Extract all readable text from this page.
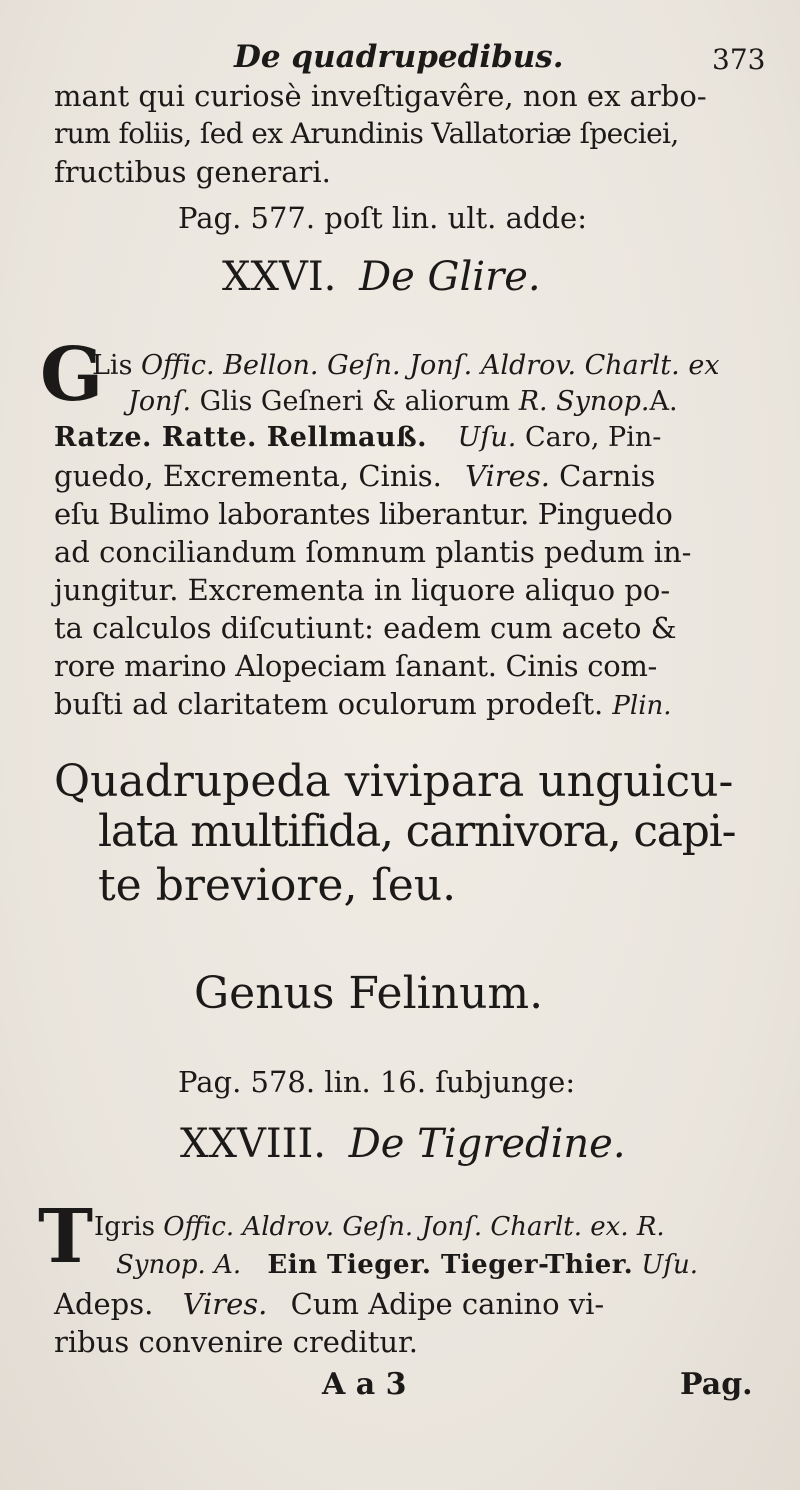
De quadrupedibus.	373
mant qui curiosè inveſtigavêre, non ex arbo-
rum foliis, ſed ex Arundinis Vallatoriæ ſpeciei,
fructibus generari.
Pag. 577. poſt lin. ult. adde:
XXVI. De Glire.
G
Lis Offic. Bellon. Geſn. Jonſ. Aldrov. Charlt. ex
Jonſ. Glis Geſneri & aliorum R. Synop.A.
Ratze. Ratte. Rellmauß. Uſu. Caro, Pin-
guedo, Excrementa, Cinis. Vires. Carnis
eſu Bulimo laborantes liberantur. Pinguedo
ad conciliandum ſomnum plantis pedum in-
jungitur. Excrementa in liquore aliquo po-
ta calculos diſcutiunt: eadem cum aceto &
rore marino Alopeciam ſanant. Cinis com-
buſti ad claritatem oculorum prodeſt. Plin.
Quadrupeda vivipara unguicu-
lata multifida, carnivora, capi-
te breviore, ſeu.
Genus Felinum.
Pag. 578. lin. 16. ſubjunge:
XXVIII. De Tigredine.
T Igris Offic. Aldrov. Geſn. Jonſ. Charlt. ex. R.
Synop. A. Ein Tieger. Tieger-Thier. Uſu.
Adeps. Vires. Cum Adipe canino vi-
ribus convenire creditur.
A a 3	Pag.
